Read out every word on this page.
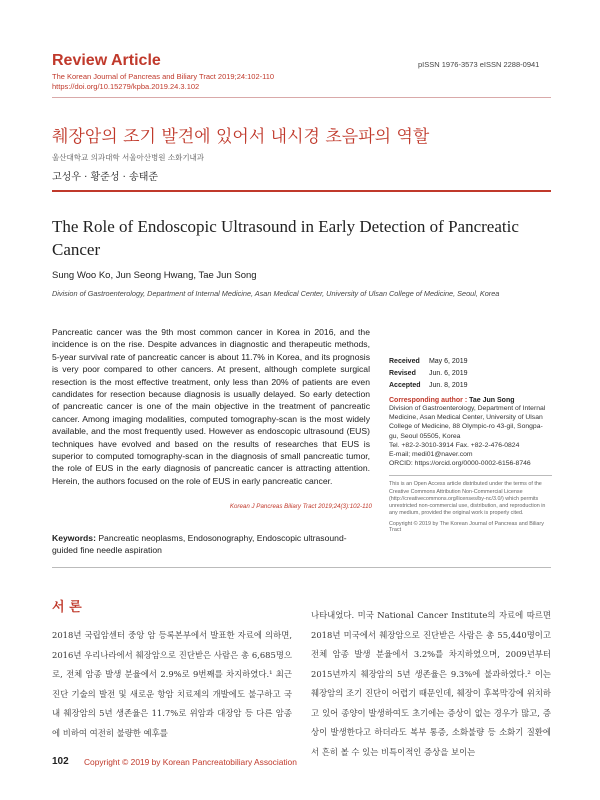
Review Article
The Korean Journal of Pancreas and Biliary Tract 2019;24:102-110
https://doi.org/10.15279/kpba.2019.24.3.102
pISSN 1976-3573 eISSN 2288-0941
췌장암의 조기 발견에 있어서 내시경 초음파의 역할
울산대학교 의과대학 서울아산병원 소화기내과
고성우 · 황준성 · 송태준
The Role of Endoscopic Ultrasound in Early Detection of Pancreatic Cancer
Sung Woo Ko, Jun Seong Hwang, Tae Jun Song
Division of Gastroenterology, Department of Internal Medicine, Asan Medical Center, University of Ulsan College of Medicine, Seoul, Korea
Pancreatic cancer was the 9th most common cancer in Korea in 2016, and the incidence is on the rise. Despite advances in diagnostic and therapeutic methods, 5-year survival rate of pancreatic cancer is about 11.7% in Korea, and its prognosis is very poor compared to other cancers. At present, although complete surgical resection is the most effective treatment, only less than 20% of patients are even candidates for resection because diagnosis is usually delayed. So early detection of pancreatic cancer is one of the main objective in the treatment of pancreatic cancer. Among imaging modalities, computed tomography-scan is the most widely available, and the most frequently used. However as endoscopic ultrasound (EUS) techniques have evolved and based on the results of researches that EUS is superior to computed tomography-scan in the diagnosis of small pancreatic tumor, the role of EUS in the early diagnosis of pancreatic cancer is attracting attention. Herein, the authors focused on the role of EUS in early pancreatic cancer.
Korean J Pancreas Biliary Tract 2019;24(3):102-110
Keywords: Pancreatic neoplasms, Endosonography, Endoscopic ultrasound-guided fine needle aspiration
Received May 6, 2019
Revised Jun. 6, 2019
Accepted Jun. 8, 2019
Corresponding author : Tae Jun Song
Division of Gastroenterology, Department of Internal
Medicine, Asan Medical Center, University of Ulsan
College of Medicine, 88 Olympic-ro 43-gil, Songpa-
gu, Seoul 05505, Korea
Tel. +82-2-3010-3914 Fax. +82-2-476-0824
E-mail; medi01@naver.com
ORCID: https://orcid.org/0000-0002-6156-8746
This is an Open Access article distributed under the terms of the Creative Commons Attribution Non-Commercial License (http://creativecommons.org/licenses/by-nc/3.0/) which permits unrestricted non-commercial use, distribution, and reproduction in any medium, provided the original work is properly cited.
Copyright © 2019 by The Korean Journal of Pancreas and Biliary Tract
서 론

2018년 국립암센터 중앙 암 등록본부에서 발표한 자료에 의하면, 2016년 우리나라에서 췌장암으로 진단받은 사람은 총 6,685명으로, 전체 암종 발생 분율에서 2.9%로 9번째를 차지하였다.¹ 최근 진단 기술의 발전 및 새로운 항암 치료제의 개발에도 불구하고 국내 췌장암의 5년 생존율은 11.7%로 위암과 대장암 등 다른 암종에 비하여 여전히 불량한 예후를

나타내었다. 미국 National Cancer Institute의 자료에 따르면 2018년 미국에서 췌장암으로 진단받은 사람은 총 55,440명이고 전체 암종 발생 분율에서 3.2%를 차지하였으며, 2009년부터 2015년까지 췌장암의 5년 생존율은 9.3%에 불과하였다.² 이는 췌장암의 조기 진단이 어렵기 때문인데, 췌장이 후복막강에 위치하고 있어 종양이 발생하여도 초기에는 증상이 없는 경우가 많고, 증상이 발생한다고 하더라도 복부 통증, 소화불량 등 소화기 질환에서 흔히 볼 수 있는 비특이적인 증상을 보이는

102 Copyright © 2019 by Korean Pancreatobiliary Association
